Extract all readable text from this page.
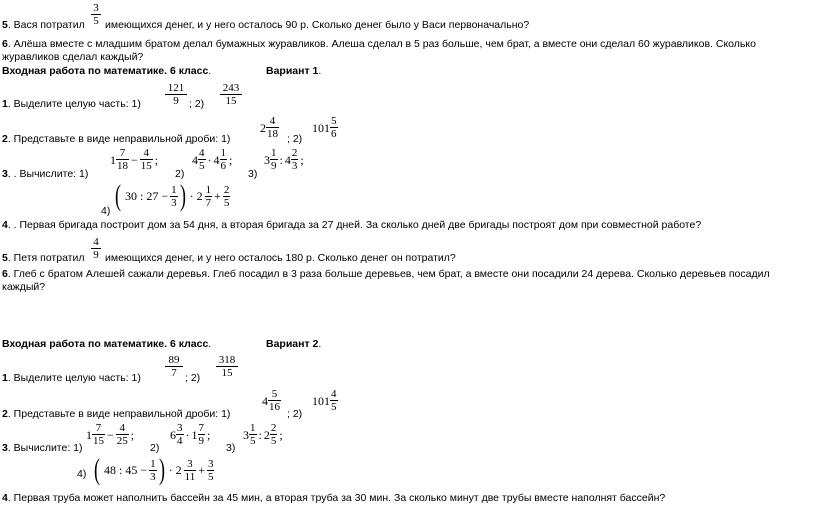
5. Вася потратил
3
5 имеющихся денег, и у него осталось 90 р. Сколько денег было у Васи первоначально?
6. Алёша вместе с младшим братом делал бумажных журавликов. Алеша сделал в 5 раз больше, чем брат, а вместе они сделал 60 журавликов. Сколько
журавликов сделал каждый?
Входная работа по математике. 6 класс.	Вариант 1.
1. Выделите целую часть: 1)
121
9 ; 2)
243
15
2. Представьте в виде неправильной дроби: 1)
$2 \frac{4}{18}$ ; 2)
$101 \frac{5}{6}$
3. . Вычислите: 1)
$1 \frac{7}{18} - \frac{4}{15}$ ;
2)
$4 \frac{4}{5} \cdot 4 \frac{1}{6}$ ;
3)
$3 \frac{1}{9}$ : $4 \frac{2}{3}$ ;
4) ( 30 : $27 - \frac{1}{3}$ ) · $2 \frac{1}{7} + \frac{2}{5}$
4. . Первая бригада построит дом за 54 дня, а вторая бригада за 27 дней. За сколько дней две бригады построят дом при совместной работе?
5. Петя потратил
4
9 имеющихся денег, и у него осталось 180 р. Сколько денег он потратил?
6. Глеб с братом Алешей сажали деревья. Глеб посадил в 3 раза больше деревьев, чем брат, а вместе они посадили 24 дерева. Сколько деревьев посадил
каждый?
Входная работа по математике. 6 класс.	Вариант 2.
1. Выделите целую часть: 1)
89
7 ; 2)
318
15
2. Представьте в виде неправильной дроби: 1)
$4 \frac{5}{16}$
; 2)
$101 \frac{4}{5}$
3. Вычислите: 1)
$1 \frac{7}{15} - \frac{4}{25}$ ;
2)
$6 \frac{3}{4} \cdot 1 \frac{7}{9}$ ;
3)
$3 \frac{1}{5}$ : $2 \frac{2}{5}$ ;
4) ( 48 : $45 - \frac{1}{3}$ ) · $2 \frac{3}{11} + \frac{3}{5}$
4. Первая труба может наполнить бассейн за 45 мин, а вторая труба за 30 мин. За сколько минут две трубы вместе наполнят бассейн?
